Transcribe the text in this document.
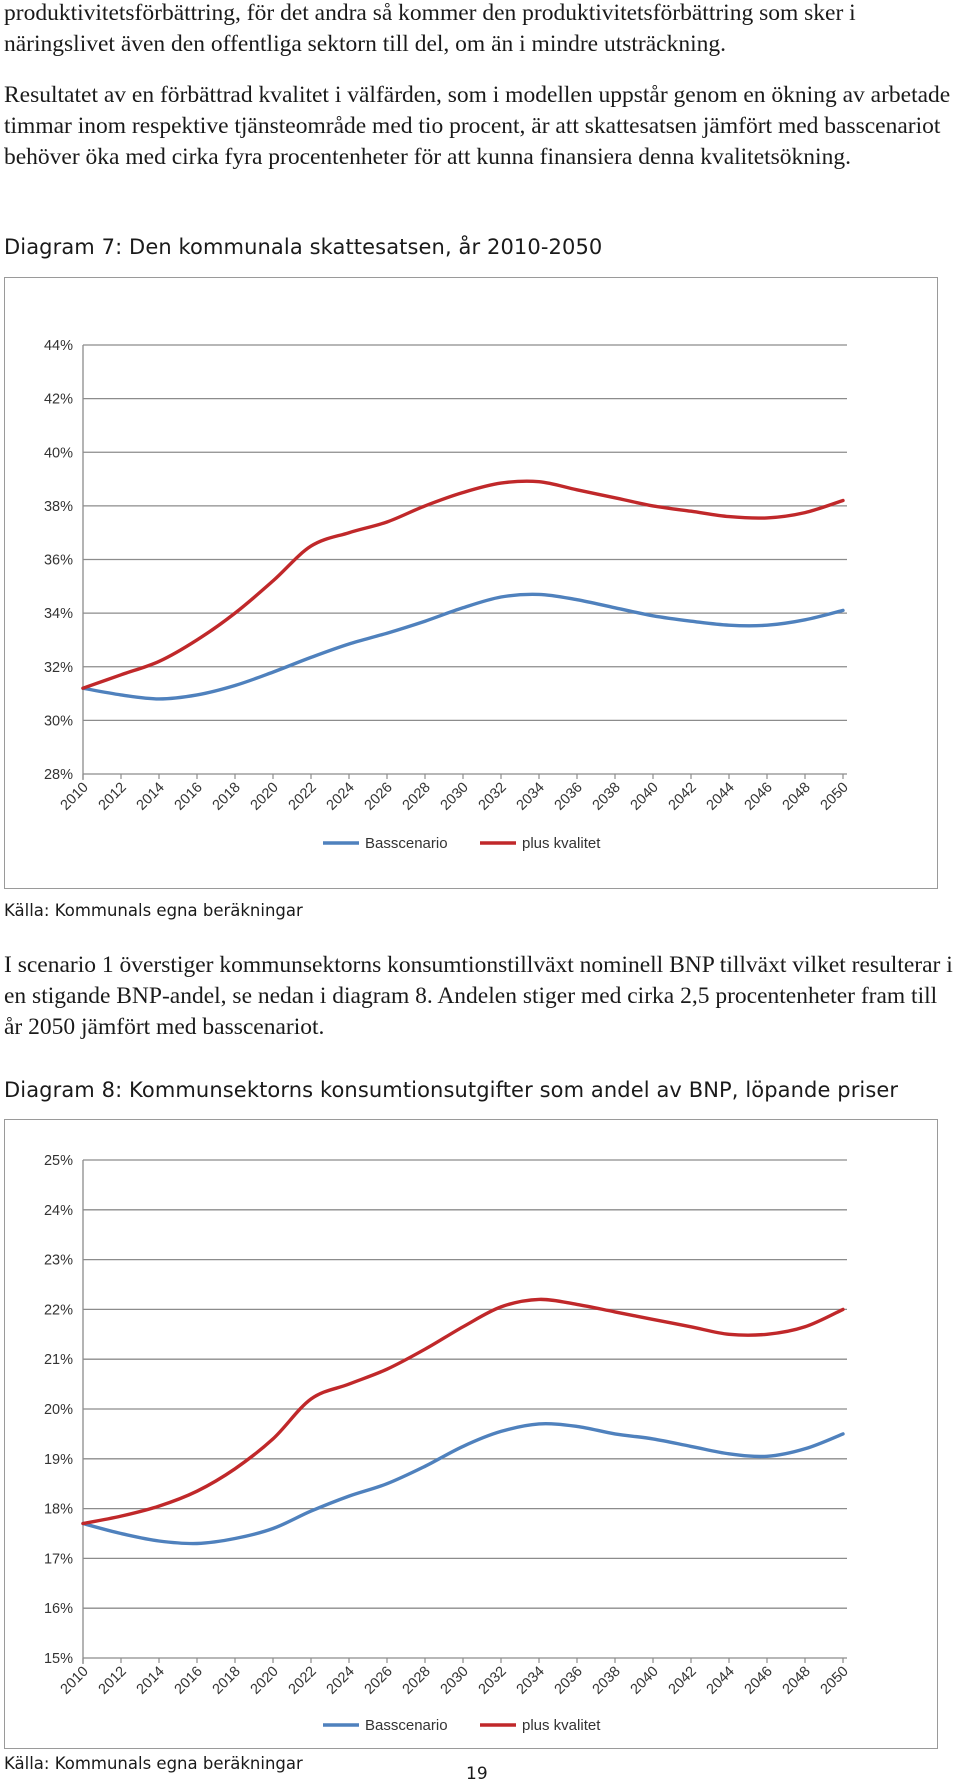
produktivitetsförbättring, för det andra så kommer den produktivitetsförbättring som sker i näringslivet även den offentliga sektorn till del, om än i mindre utsträckning.

Resultatet av en förbättrad kvalitet i välfärden, som i modellen uppstår genom en ökning av arbetade timmar inom respektive tjänsteområde med tio procent, är att skattesatsen jämfört med basscenariot behöver öka med cirka fyra procentenheter för att kunna finansiera denna kvalitetsökning.

Diagram 7: Den kommunala skattesatsen, år 2010-2050
28%
30%
32%
34%
36%
38%
40%
42%
44%
2010 2012 2014 2016 2018 2020 2022 2024 2026 2028 2030 2032 2034 2036 2038 2040 2042 2044 2046 2048 2050
Basscenario	plus kvalitet
Källa: Kommunals egna beräkningar

I scenario 1 överstiger kommunsektorns konsumtionstillväxt nominell BNP tillväxt vilket resulterar i en stigande BNP-andel, se nedan i diagram 8. Andelen stiger med cirka 2,5 procentenheter fram till år 2050 jämfört med basscenariot.

Diagram 8: Kommunsektorns konsumtionsutgifter som andel av BNP, löpande priser
15%
16%
17%
18%
19%
20%
21%
22%
23%
24%
25%
2010 2012 2014 2016 2018 2020 2022 2024 2026 2028 2030 2032 2034 2036 2038 2040 2042 2044 2046 2048 2050
Basscenario	plus kvalitet
Källa: Kommunals egna beräkningar
19
